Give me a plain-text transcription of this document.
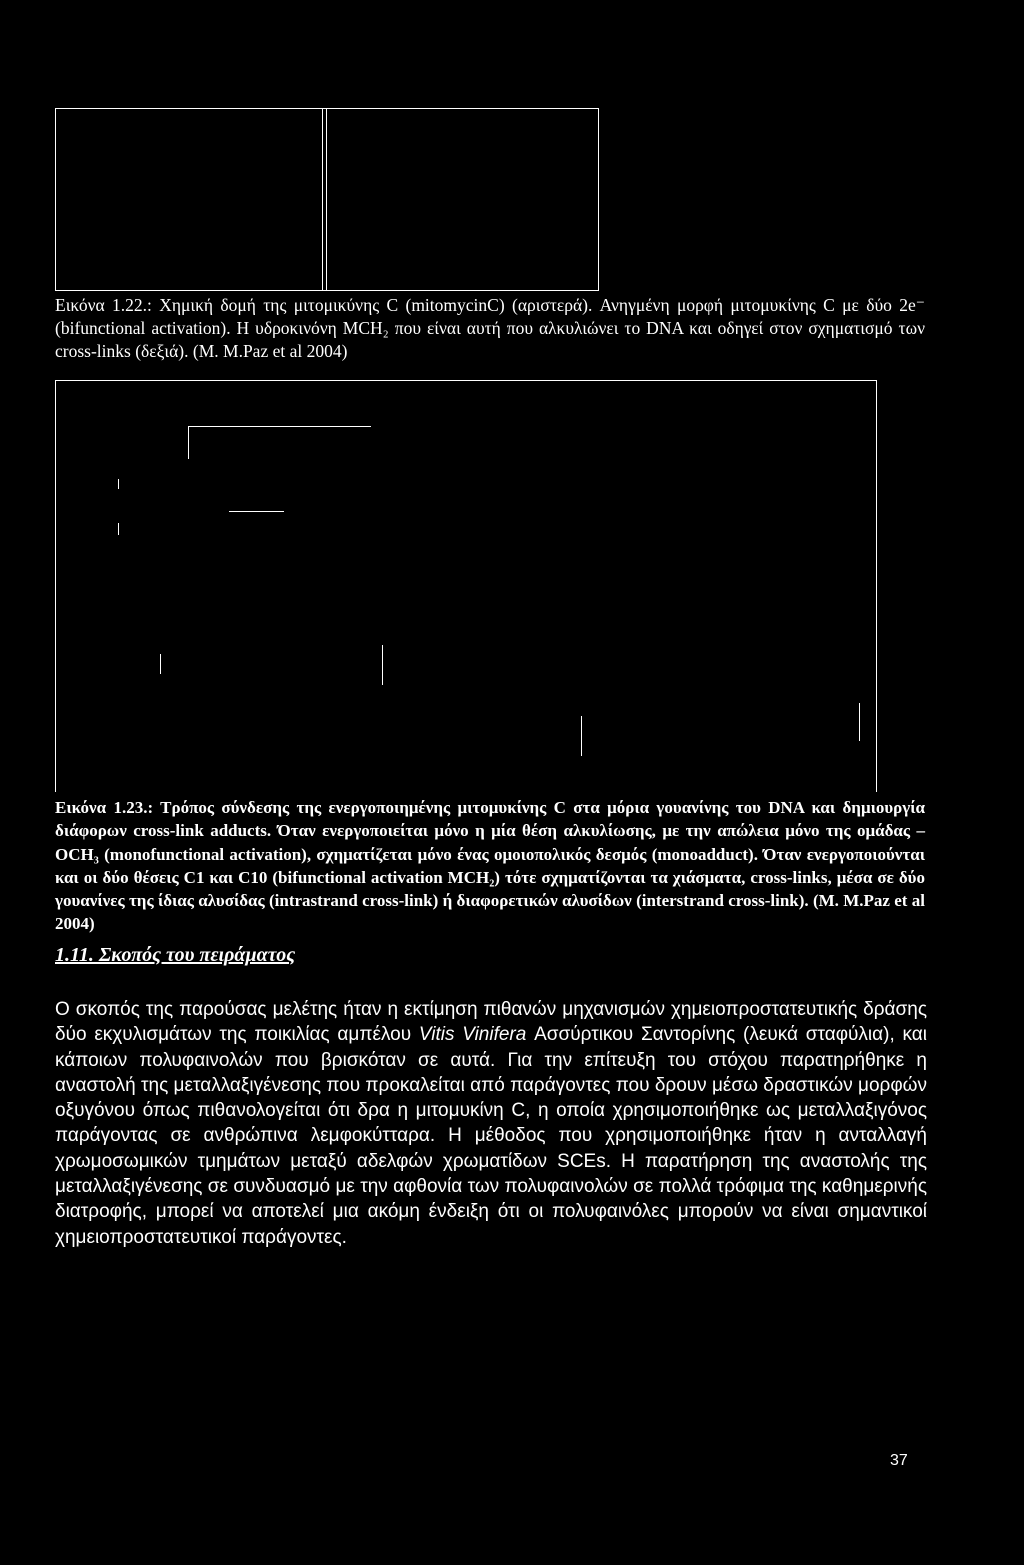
Εικόνα 1.22.: Χημική δομή της μιτομικύνης C (mitomycinC) (αριστερά). Ανηγμένη μορφή μιτομυκίνης C με δύο 2e⁻ (bifunctional activation). Η υδροκινόνη MCH₂ που είναι αυτή που αλκυλιώνει το DNA και οδηγεί στον σχηματισμό των cross-links (δεξιά). (M. M.Paz et al 2004)

Εικόνα 1.23.: Τρόπος σύνδεσης της ενεργοποιημένης μιτομυκίνης C στα μόρια γουανίνης του DNA και δημιουργία διάφορων cross-link adducts. Όταν ενεργοποιείται μόνο η μία θέση αλκυλίωσης, με την απώλεια μόνο της ομάδας –OCH₃ (monofunctional activation), σχηματίζεται μόνο ένας ομοιοπολικός δεσμός (monoadduct). Όταν ενεργοποιούνται και οι δύο θέσεις C1 και C10 (bifunctional activation MCH₂) τότε σχηματίζονται τα χιάσματα, cross-links, μέσα σε δύο γουανίνες της ίδιας αλυσίδας (intrastrand cross-link) ή διαφορετικών αλυσίδων (interstrand cross-link). (M. M.Paz et al 2004)

1.11. Σκοπός του πειράματος

Ο σκοπός της παρούσας μελέτης ήταν η εκτίμηση πιθανών μηχανισμών χημειοπροστατευτικής δράσης δύο εκχυλισμάτων της ποικιλίας αμπέλου Vitis Vinifera Ασσύρτικου Σαντορίνης (λευκά σταφύλια), και κάποιων πολυφαινολών που βρισκόταν σε αυτά. Για την επίτευξη του στόχου παρατηρήθηκε η αναστολή της μεταλλαξιγένεσης που προκαλείται από παράγοντες που δρουν μέσω δραστικών μορφών οξυγόνου όπως πιθανολογείται ότι δρα η μιτομυκίνη C, η οποία χρησιμοποιήθηκε ως μεταλλαξιγόνος παράγοντας σε ανθρώπινα λεμφοκύτταρα. Η μέθοδος που χρησιμοποιήθηκε ήταν η ανταλλαγή χρωμοσωμικών τμημάτων μεταξύ αδελφών χρωματίδων SCEs. Η παρατήρηση της αναστολής της μεταλλαξιγένεσης σε συνδυασμό με την αφθονία των πολυφαινολών σε πολλά τρόφιμα της καθημερινής διατροφής, μπορεί να αποτελεί μια ακόμη ένδειξη ότι οι πολυφαινόλες μπορούν να είναι σημαντικοί χημειοπροστατευτικοί παράγοντες.

37
